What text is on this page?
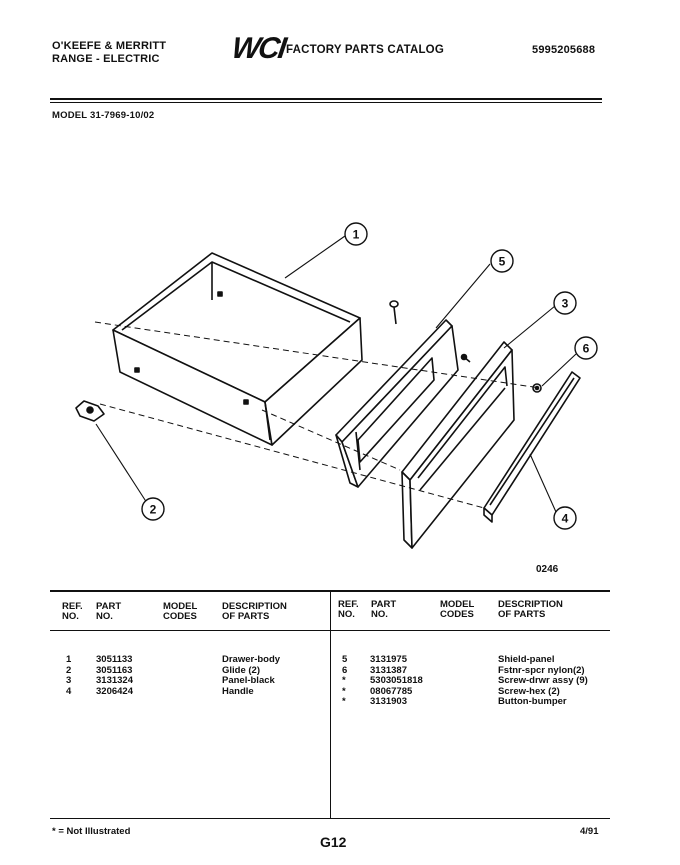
O'KEEFE & MERRITT
RANGE - ELECTRIC WCI FACTORY PARTS CATALOG	5995205688
MODEL 31-7969-10/02
1
5
3
6
2
4
0246
REF.
NO.
PART
NO.
MODEL
CODES
DESCRIPTION
OF PARTS
REF.
NO.
PART
NO.
MODEL
CODES
DESCRIPTION
OF PARTS
1
2
3
4
3051133
3051163
3131324
3206424
Drawer-body
Glide (2)
Panel-black
Handle
5
6
*
*
*
3131975
3131387
5303051818
08067785
3131903
Shield-panel
Fstnr-spcr nylon(2)
Screw-drwr assy (9)
Screw-hex (2)
Button-bumper
* = Not Illustrated
G12
4/91
